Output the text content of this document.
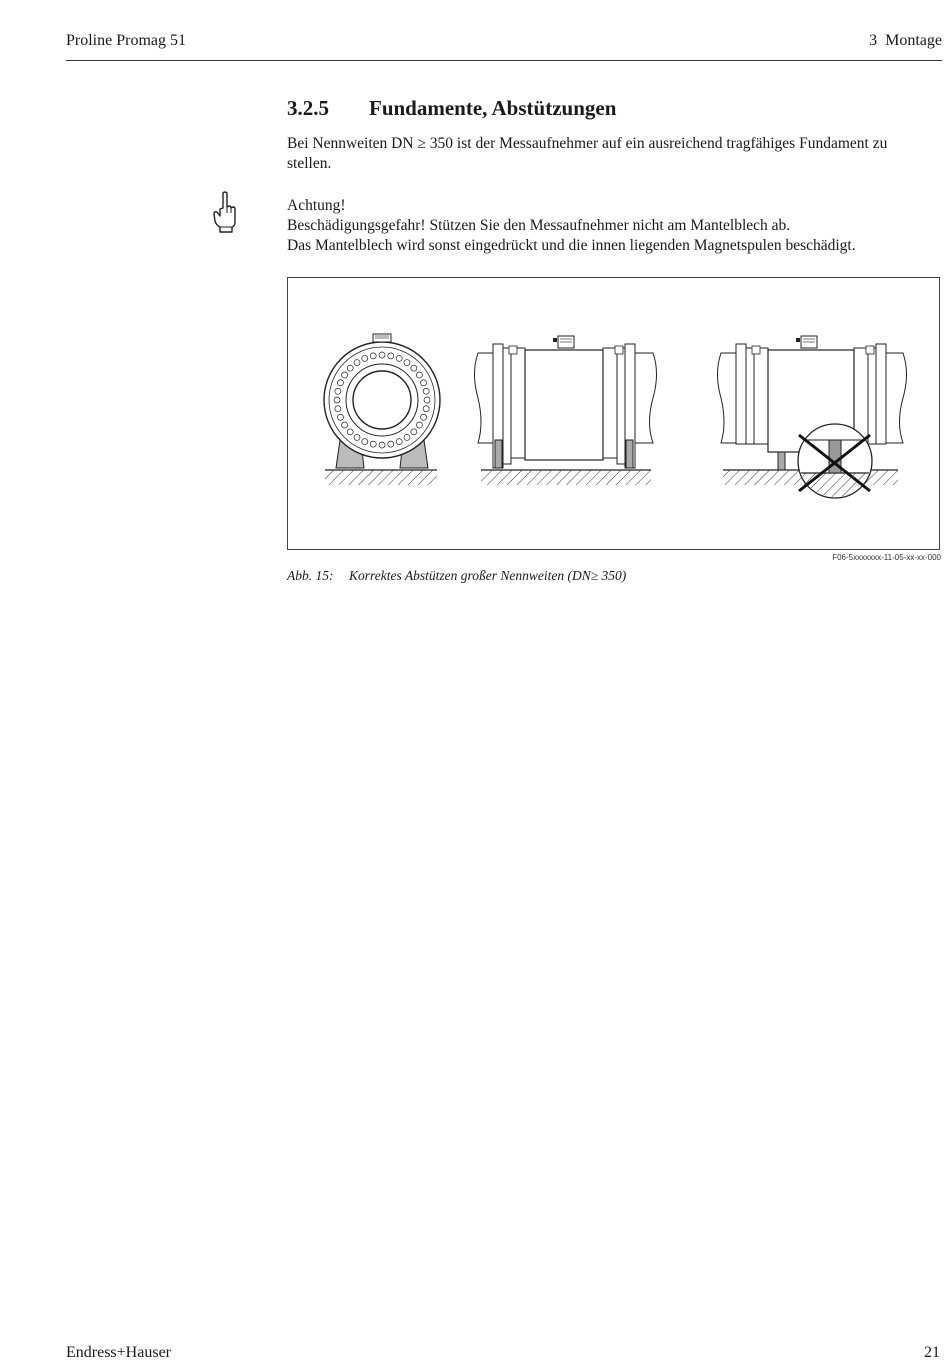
Proline Promag 51	3  Montage
3.2.5 Fundamente, Abstützungen
Bei Nennweiten DN ≥ 350 ist der Messaufnehmer auf ein ausreichend tragfähiges Fundament zu stellen.
Achtung!
Beschädigungsgefahr! Stützen Sie den Messaufnehmer nicht am Mantelblech ab.
Das Mantelblech wird sonst eingedrückt und die innen liegenden Magnetspulen beschädigt.
F06-5xxxxxxx-11-05-xx-xx-000
Abb. 15: Korrektes Abstützen großer Nennweiten (DN≥ 350)
Endress+Hauser	21
